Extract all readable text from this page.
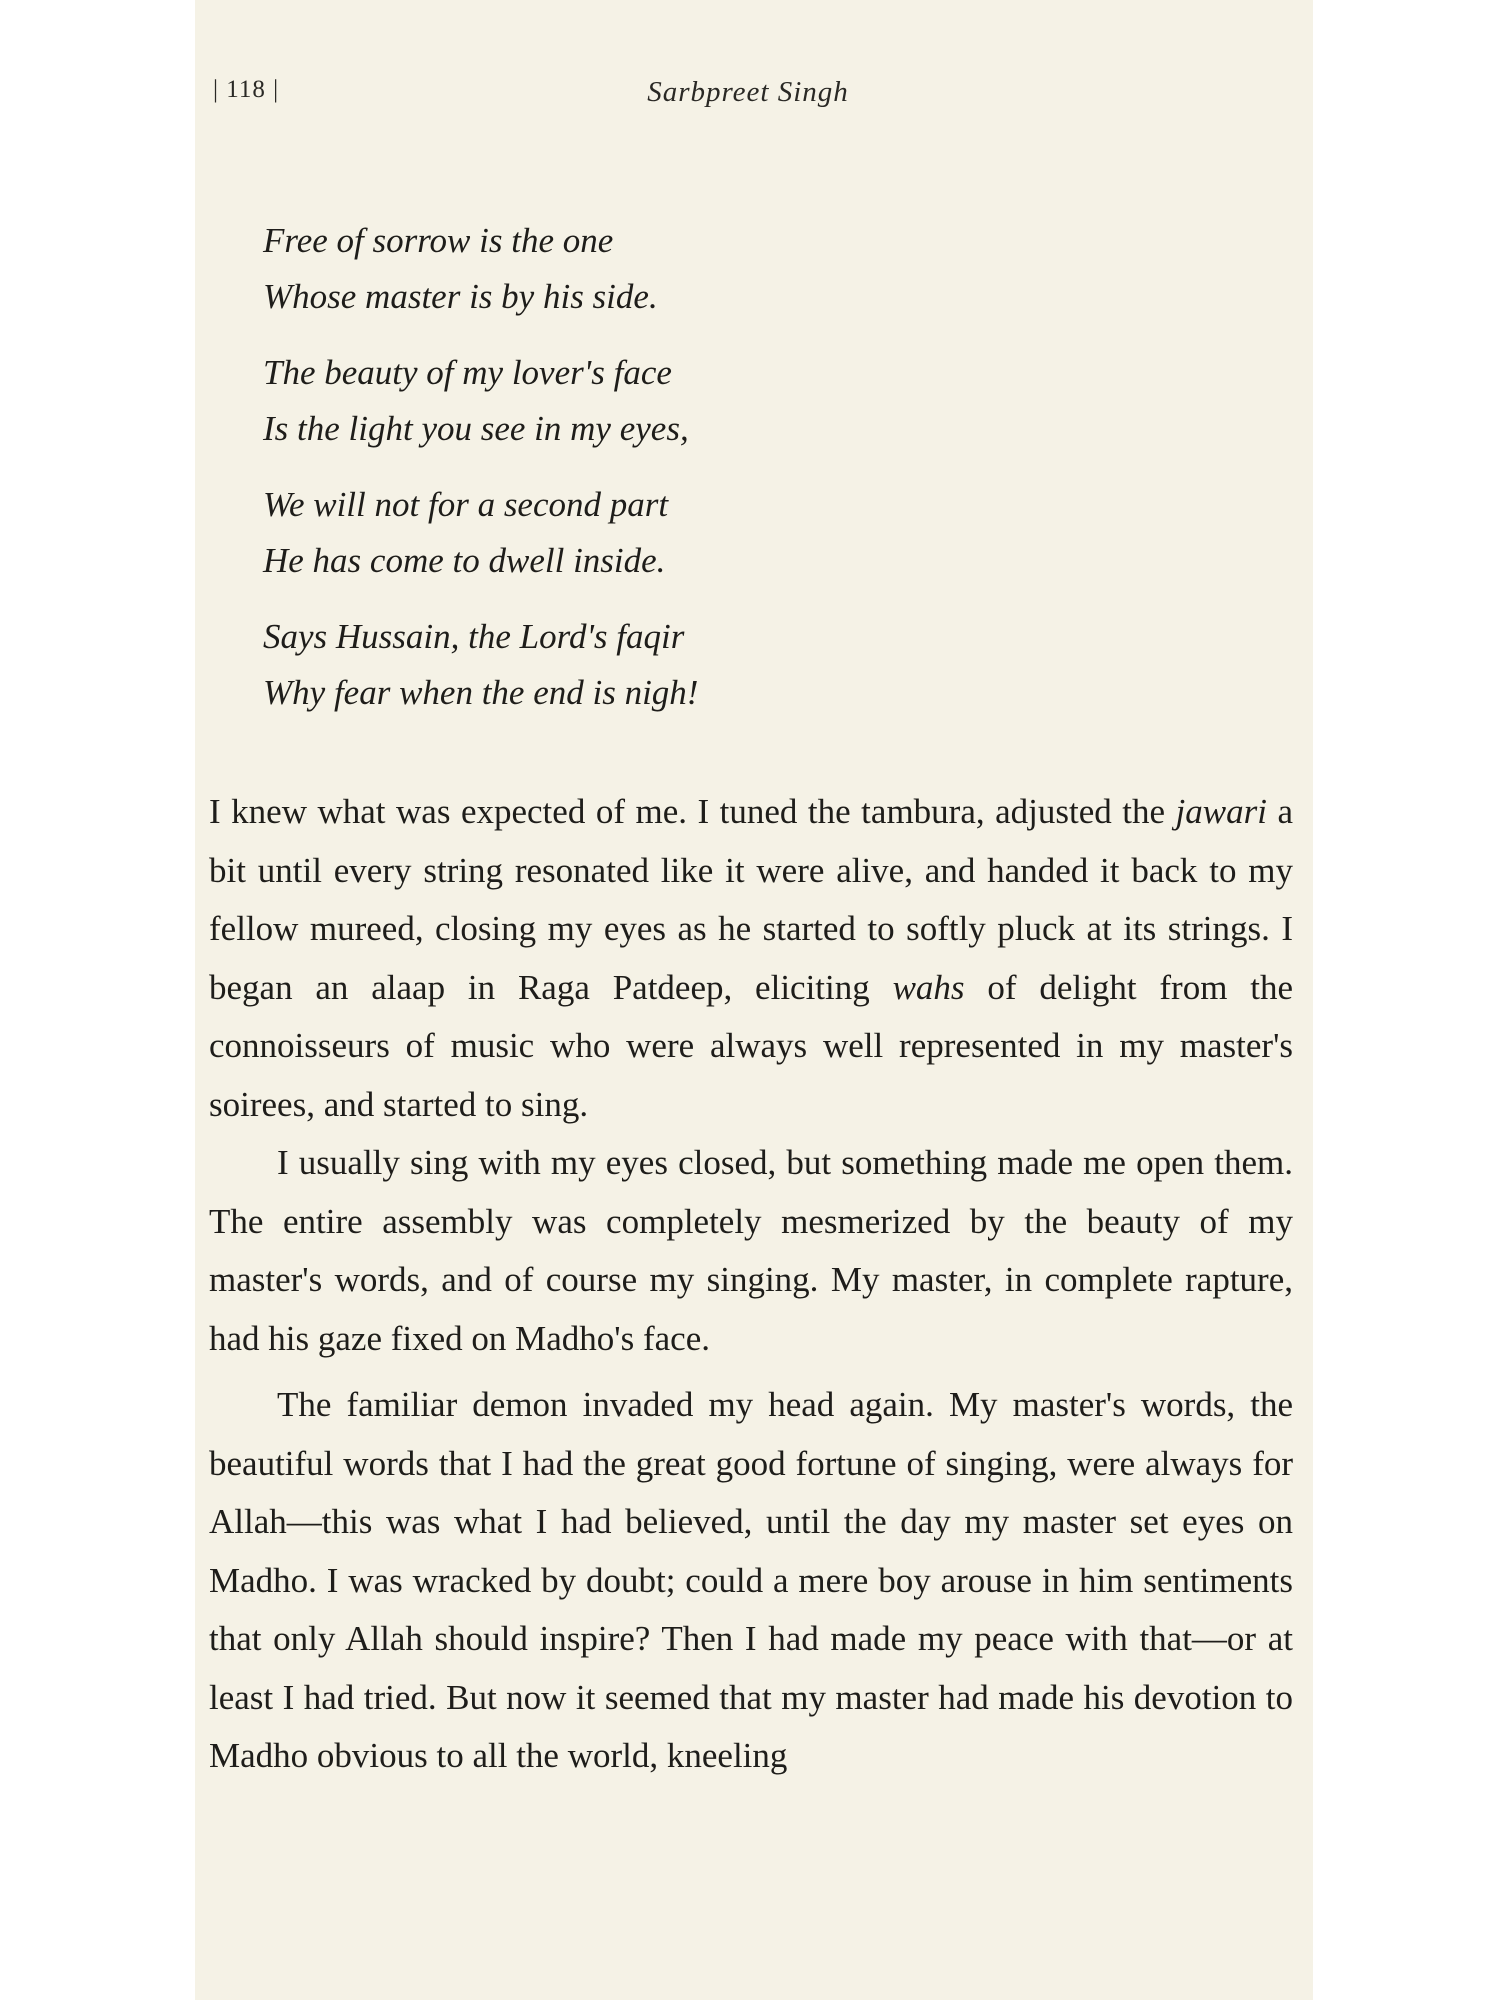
| 118 |	Sarbpreet Singh
Free of sorrow is the one
Whose master is by his side.
The beauty of my lover's face
Is the light you see in my eyes,
We will not for a second part
He has come to dwell inside.
Says Hussain, the Lord's faqir
Why fear when the end is nigh!

I knew what was expected of me. I tuned the tambura, adjusted the jawari a bit until every string resonated like it were alive, and handed it back to my fellow mureed, closing my eyes as he started to softly pluck at its strings. I began an alaap in Raga Patdeep, eliciting wahs of delight from the connoisseurs of music who were always well represented in my master's soirees, and started to sing.

I usually sing with my eyes closed, but something made me open them. The entire assembly was completely mesmerized by the beauty of my master's words, and of course my singing. My master, in complete rapture, had his gaze fixed on Madho's face.

The familiar demon invaded my head again. My master's words, the beautiful words that I had the great good fortune of singing, were always for Allah—this was what I had believed, until the day my master set eyes on Madho. I was wracked by doubt; could a mere boy arouse in him sentiments that only Allah should inspire? Then I had made my peace with that—or at least I had tried. But now it seemed that my master had made his devotion to Madho obvious to all the world, kneeling
